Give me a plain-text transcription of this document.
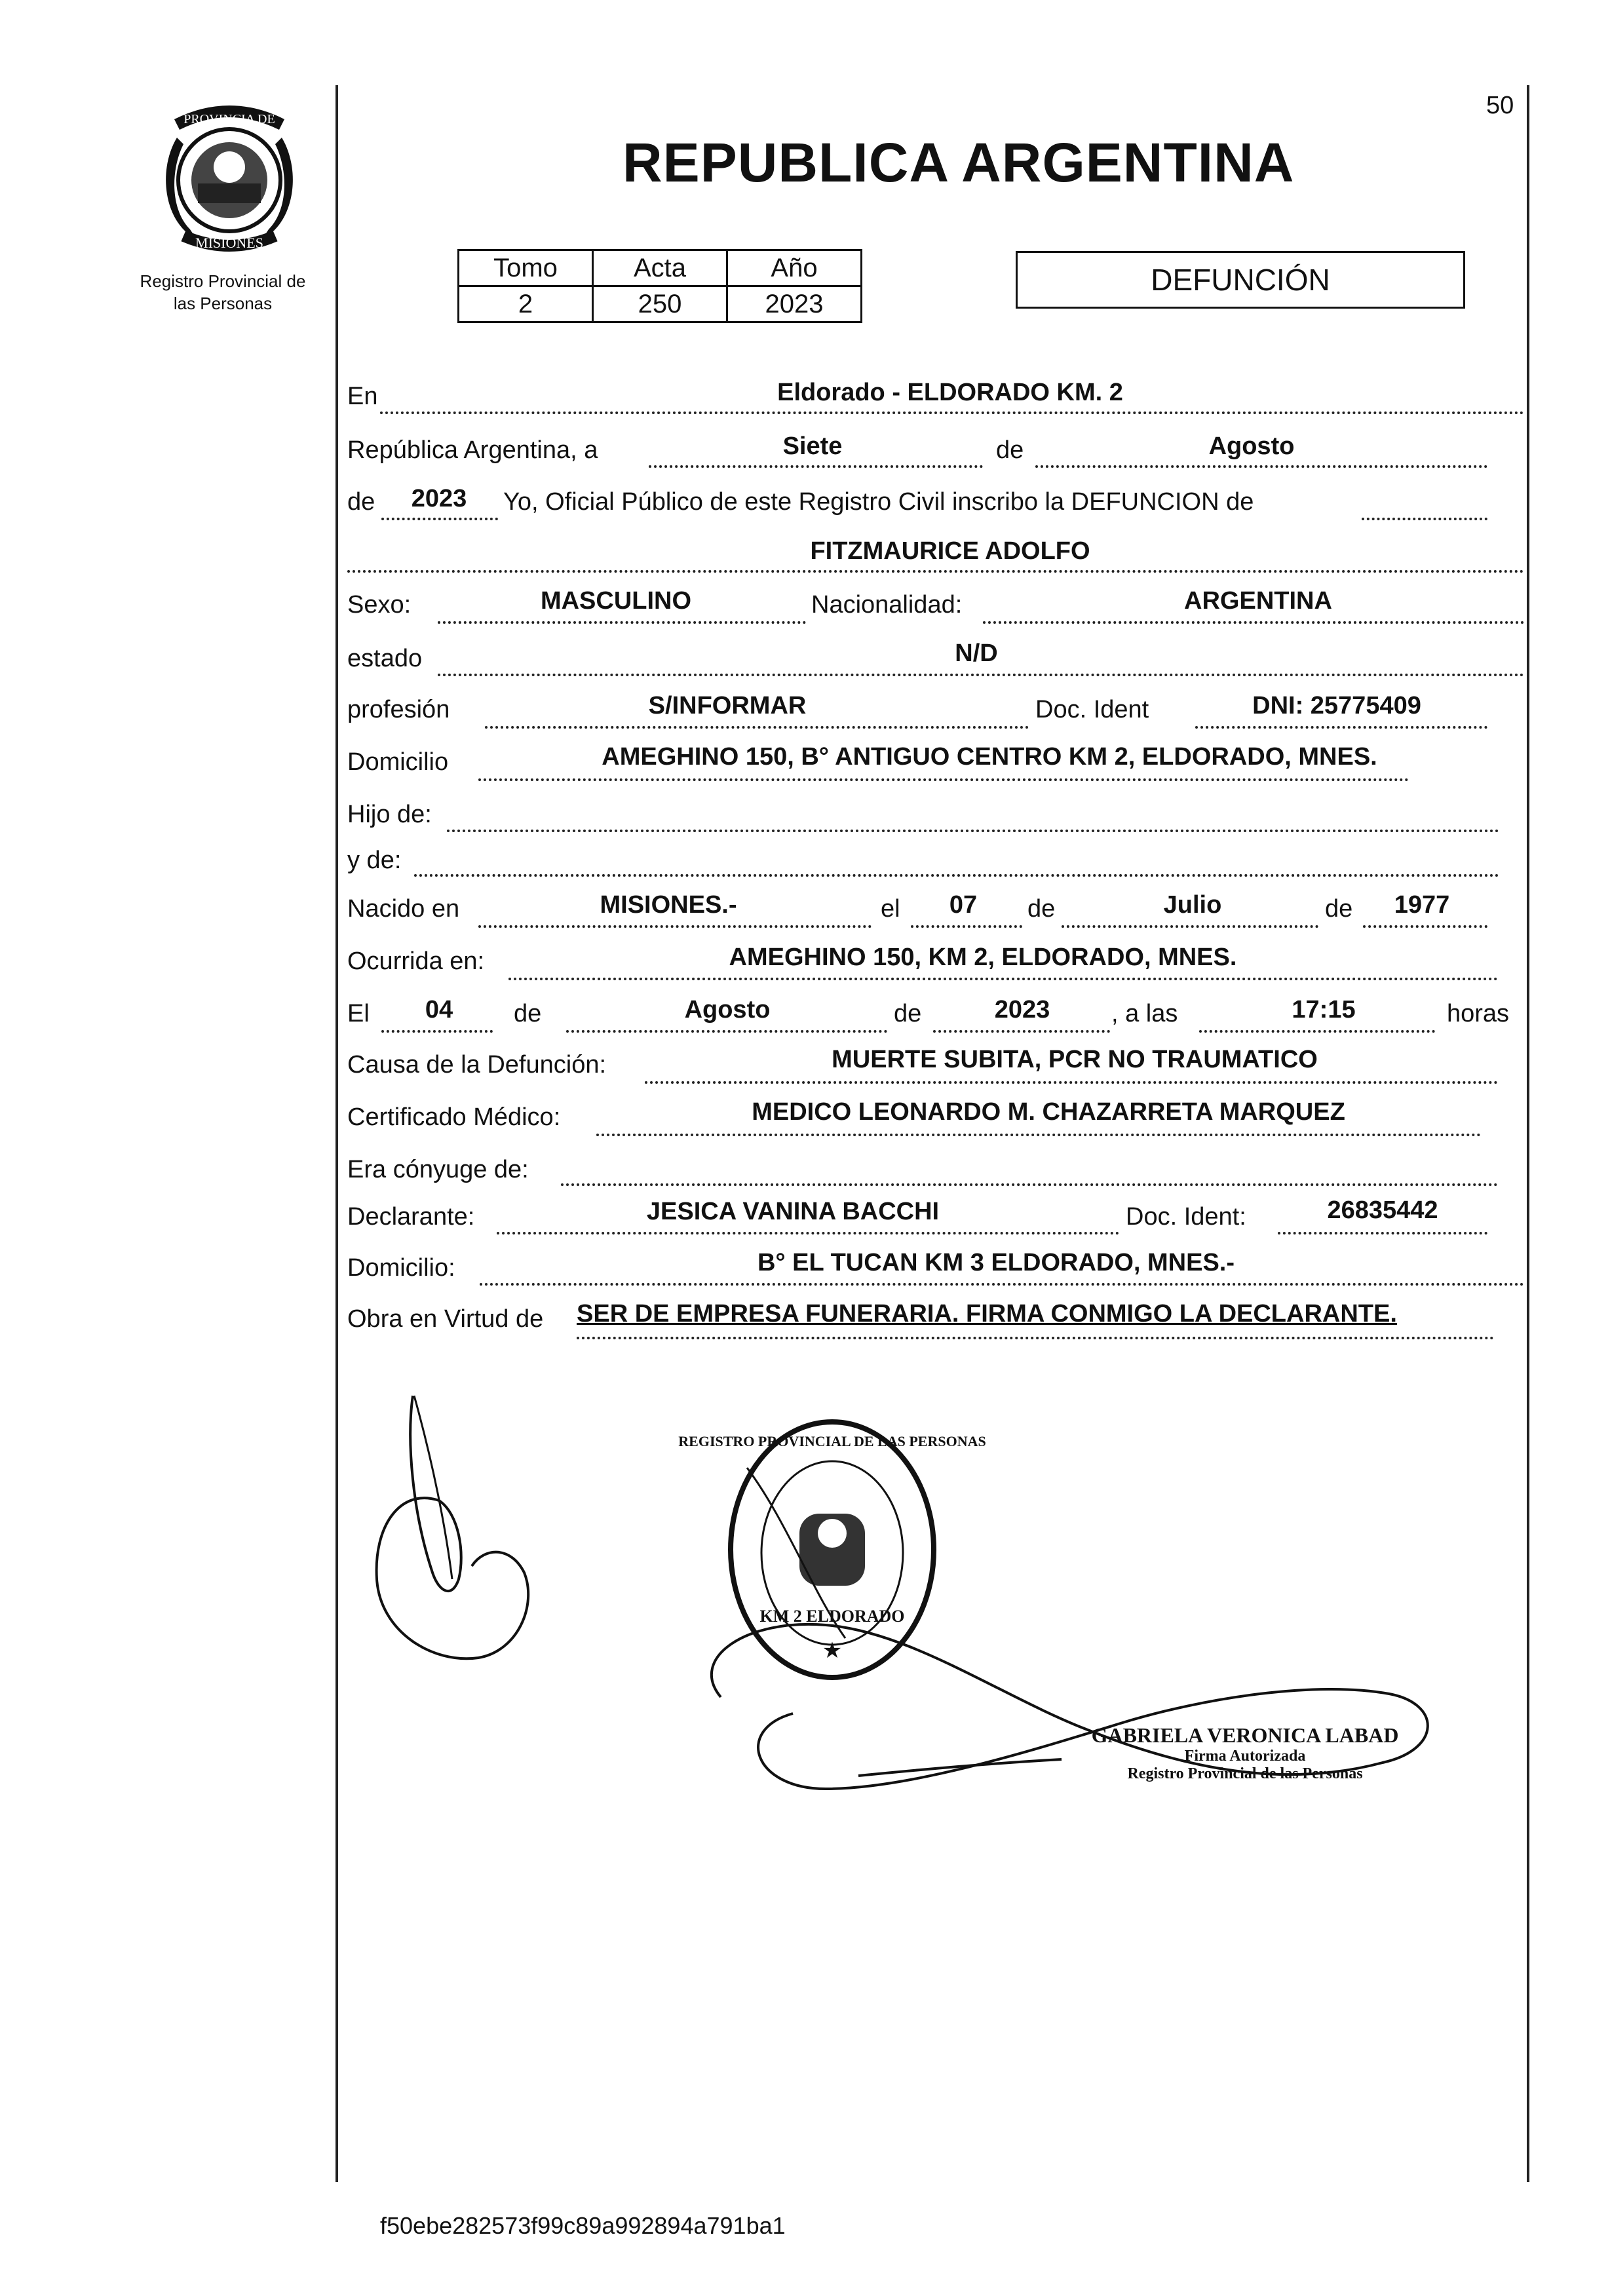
PROVINCIA DE
MISIONES
Registro Provincial de
las Personas
50
REPUBLICA ARGENTINA
Tomo	Acta	Año
2	250	2023
DEFUNCIÓN
En	Eldorado - ELDORADO KM. 2
República Argentina, a	Siete	de	Agosto
de	2023	Yo, Oficial Público de este Registro Civil inscribo la DEFUNCION de
FITZMAURICE ADOLFO
Sexo:	MASCULINO	Nacionalidad:	ARGENTINA
estado	N/D
profesión	S/INFORMAR	Doc. Ident	DNI: 25775409
Domicilio	AMEGHINO 150, B° ANTIGUO CENTRO KM 2, ELDORADO, MNES.
Hijo de:
y de:
Nacido en	MISIONES.-	el	07	de	Julio	de	1977
Ocurrida en:	AMEGHINO 150, KM 2, ELDORADO, MNES.
El	04	de	Agosto	de	2023	, a las	17:15	horas
Causa de la Defunción:	MUERTE SUBITA, PCR NO TRAUMATICO
Certificado Médico:	MEDICO LEONARDO M. CHAZARRETA MARQUEZ
Era cónyuge de:
Declarante:	JESICA VANINA BACCHI	Doc. Ident:	26835442
Domicilio:	B° EL TUCAN KM 3 ELDORADO, MNES.-
Obra en Virtud de SER DE EMPRESA FUNERARIA. FIRMA CONMIGO LA DECLARANTE.
REGISTRO PROVINCIAL DE LAS PERSONAS
KM 2 ELDORADO
★
GABRIELA VERONICA LABAD
Firma Autorizada
Registro Provincial de las Personas
f50ebe282573f99c89a992894a791ba1
